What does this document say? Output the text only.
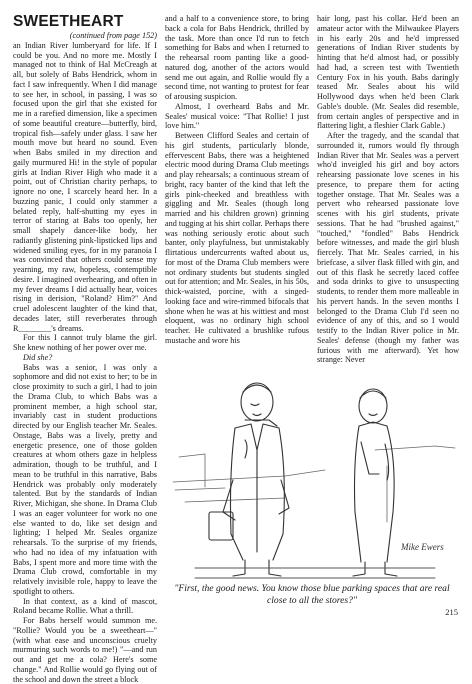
SWEETHEART
(continued from page 152)

an Indian River lumberyard for life. If I could be you. And no more me. Mostly I managed not to think of Hal McCreagh at all, but solely of Babs Hendrick, whom in fact I saw infrequently. When I did manage to see her, in school, in passing, I was so focused upon the girl that she existed for me in a rarefied dimension, like a specimen of some beautiful creature—butterfly, bird, tropical fish—safely under glass. I saw her mouth move but heard no sound. Even when Babs smiled in my direction and gaily murmured Hi! in the style of popular girls at Indian River High who made it a point, out of Christian charity perhaps, to ignore no one, I scarcely heard her. In a buzzing panic, I could only stammer a belated reply, half-shutting my eyes in terror of staring at Babs too openly, her small shapely dancer-like body, her radiantly glistening pink-lipsticked lips and widened smiling eyes, for in my paranoia I was convinced that others could sense my yearning, my raw, hopeless, contemptible desire. I imagined overhearing, and often in my fever dreams I did actually hear, voices rising in derision, "Roland? Him?" And cruel adolescent laughter of the kind that, decades later, still reverberates through R________'s dreams.

For this I cannot truly blame the girl. She knew nothing of her power over me.

Did she?

Babs was a senior, I was only a sophomore and did not exist to her; to be in close proximity to such a girl, I had to join the Drama Club, to which Babs was a prominent member, a high school star, invariably cast in student productions directed by our English teacher Mr. Seales. Onstage, Babs was a lively, pretty and energetic presence, one of those golden creatures at whom others gaze in helpless admiration, though to be truthful, and I mean to be truthful in this narrative, Babs Hendrick was probably only moderately talented. But by the standards of Indian River, Michigan, she shone. In Drama Club I was an eager volunteer for work no one else wanted to do, like set design and lighting; I helped Mr. Seales organize rehearsals. To the surprise of my friends, who had no idea of my infatuation with Babs, I spent more and more time with the Drama Club crowd, comfortable in my relatively invisible role, happy to leave the spotlight to others.

In that context, as a kind of mascot, Roland became Rollie. What a thrill.

For Babs herself would summon me. "Rollie? Would you be a sweetheart—" (with what ease and unconscious cruelty murmuring such words to me!) "—and run out and get me a cola? Here's some change." And Rollie would go flying out of the school and down the street a block

and a half to a convenience store, to bring back a cola for Babs Hendrick, thrilled by the task. More than once I'd run to fetch something for Babs and when I returned to the rehearsal room panting like a good-natured dog, another of the actors would send me out again, and Rollie would fly a second time, not wanting to protest for fear of arousing suspicion.

Almost, I overheard Babs and Mr. Seales' musical voice: "That Rollie! I just love him."

Between Clifford Seales and certain of his girl students, particularly blonde, effervescent Babs, there was a heightened electric mood during Drama Club meetings and play rehearsals; a continuous stream of bright, racy banter of the kind that left the girls pink-cheeked and breathless with giggling and Mr. Seales (though long married and his children grown) grinning and tugging at his shirt collar. Perhaps there was nothing seriously erotic about such banter, only playfulness, but unmistakably flirtatious undercurrents wafted about us, for most of the Drama Club members were not ordinary students but students singled out for attention; and Mr. Seales, in his 50s, thick-waisted, porcine, with a singed-looking face and wire-rimmed bifocals that shone when he was at his wittiest and most eloquent, was no ordinary high school teacher. He cultivated a brushlike rufous mustache and wore his

hair long, past his collar. He'd been an amateur actor with the Milwaukee Players in his early 20s and he'd impressed generations of Indian River students by hinting that he'd almost had, or possibly had had, a screen test with Twentieth Century Fox in his youth. Babs daringly teased Mr. Seales about his wild Hollywood days when he'd been Clark Gable's double. (Mr. Seales did resemble, from certain angles of perspective and in flattering light, a fleshier Clark Gable.)

After the tragedy, and the scandal that surrounded it, rumors would fly through Indian River that Mr. Seales was a pervert who'd inveigled his girl and boy actors rehearsing passionate love scenes in his presence, to prepare them for acting together onstage. That Mr. Seales was a pervert who rehearsed passionate love scenes with his girl students, private sessions. That he had "brushed against," "touched," "fondled" Babs Hendrick before witnesses, and made the girl blush fiercely. That Mr. Seales carried, in his briefcase, a silver flask filled with gin, and out of this flask he secretly laced coffee and soda drinks to give to unsuspecting students, to render them more malleable in his pervert hands. In the seven months I belonged to the Drama Club I'd seen no evidence of any of this, and so I would testify to the Indian River police in Mr. Seales' defense (though my father was furious with me afterward). Yet how strange: Never

Mike Ewers
"First, the good news. You know those blue parking spaces that are real close to all the stores?"
215
